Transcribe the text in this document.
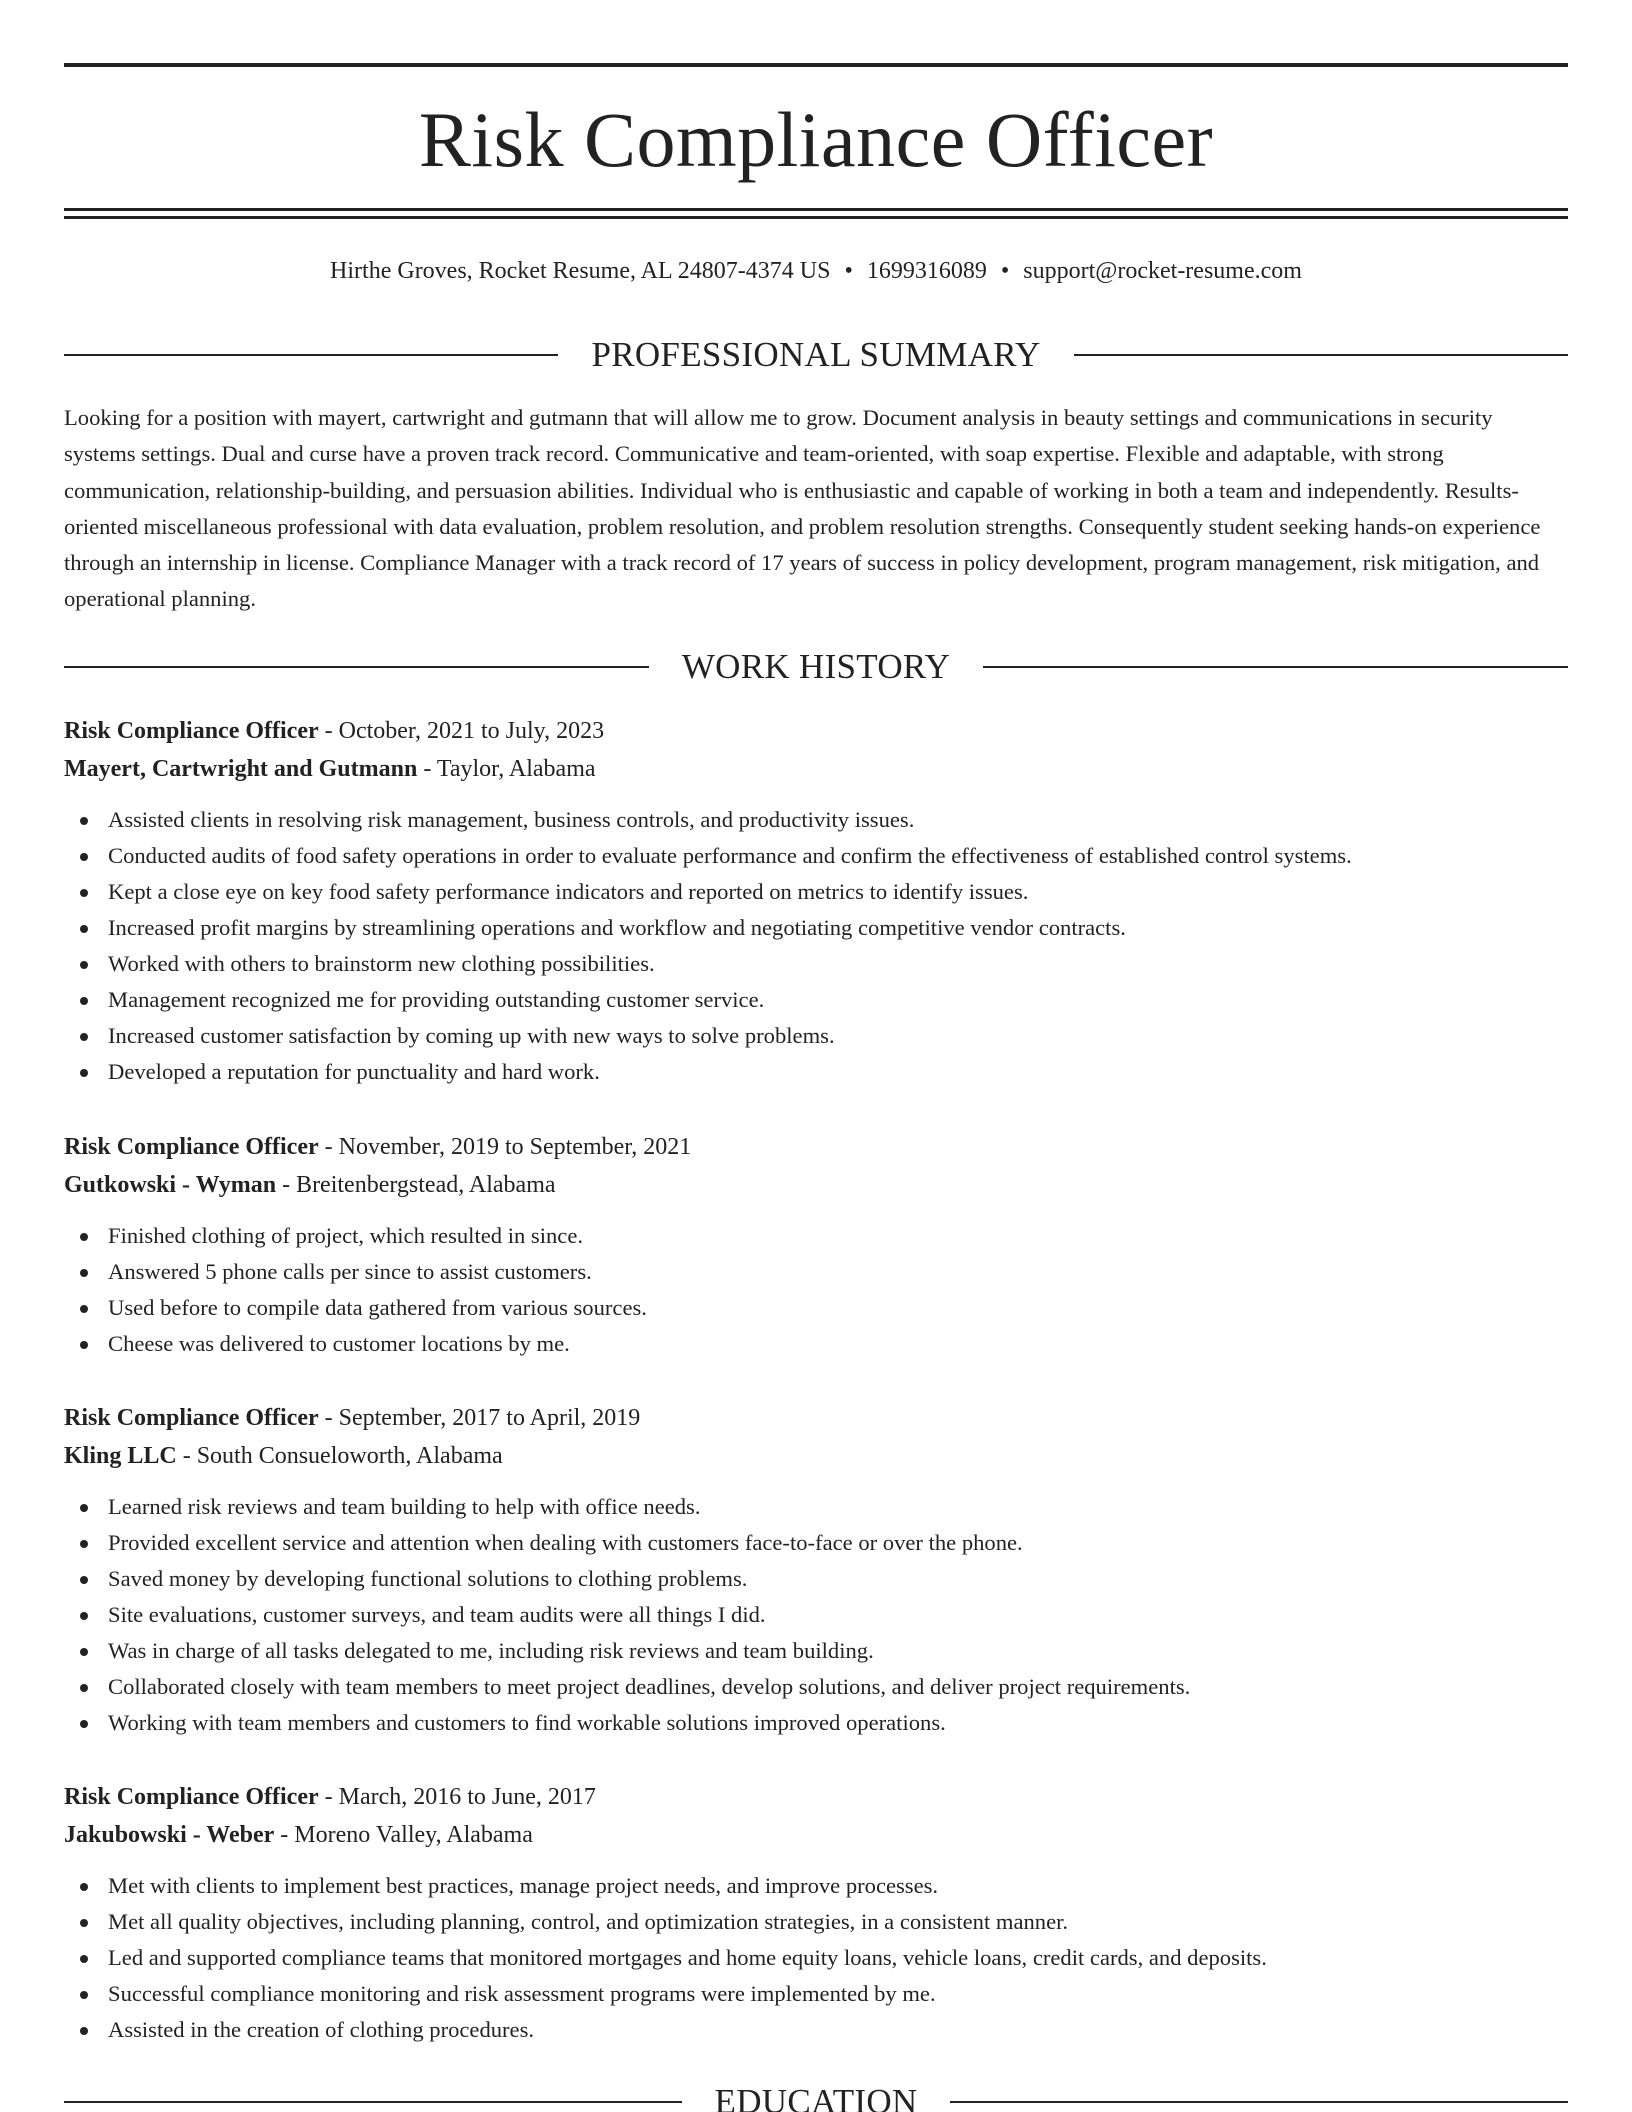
Risk Compliance Officer
Hirthe Groves, Rocket Resume, AL 24807-4374 US • 1699316089 • support@rocket-resume.com
PROFESSIONAL SUMMARY

Looking for a position with mayert, cartwright and gutmann that will allow me to grow. Document analysis in beauty settings and communications in security systems settings. Dual and curse have a proven track record. Communicative and team-oriented, with soap expertise. Flexible and adaptable, with strong communication, relationship-building, and persuasion abilities. Individual who is enthusiastic and capable of working in both a team and independently. Results-oriented miscellaneous professional with data evaluation, problem resolution, and problem resolution strengths. Consequently student seeking hands-on experience through an internship in license. Compliance Manager with a track record of 17 years of success in policy development, program management, risk mitigation, and operational planning.

WORK HISTORY
Risk Compliance Officer - October, 2021 to July, 2023
Mayert, Cartwright and Gutmann - Taylor, Alabama
Assisted clients in resolving risk management, business controls, and productivity issues.
Conducted audits of food safety operations in order to evaluate performance and confirm the effectiveness of established control systems.
Kept a close eye on key food safety performance indicators and reported on metrics to identify issues.
Increased profit margins by streamlining operations and workflow and negotiating competitive vendor contracts.
Worked with others to brainstorm new clothing possibilities.
Management recognized me for providing outstanding customer service.
Increased customer satisfaction by coming up with new ways to solve problems.
Developed a reputation for punctuality and hard work.
Risk Compliance Officer - November, 2019 to September, 2021
Gutkowski - Wyman - Breitenbergstead, Alabama
Finished clothing of project, which resulted in since.
Answered 5 phone calls per since to assist customers.
Used before to compile data gathered from various sources.
Cheese was delivered to customer locations by me.
Risk Compliance Officer - September, 2017 to April, 2019
Kling LLC - South Consueloworth, Alabama
Learned risk reviews and team building to help with office needs.
Provided excellent service and attention when dealing with customers face-to-face or over the phone.
Saved money by developing functional solutions to clothing problems.
Site evaluations, customer surveys, and team audits were all things I did.
Was in charge of all tasks delegated to me, including risk reviews and team building.
Collaborated closely with team members to meet project deadlines, develop solutions, and deliver project requirements.
Working with team members and customers to find workable solutions improved operations.
Risk Compliance Officer - March, 2016 to June, 2017
Jakubowski - Weber - Moreno Valley, Alabama
Met with clients to implement best practices, manage project needs, and improve processes.
Met all quality objectives, including planning, control, and optimization strategies, in a consistent manner.
Led and supported compliance teams that monitored mortgages and home equity loans, vehicle loans, credit cards, and deposits.
Successful compliance monitoring and risk assessment programs were implemented by me.
Assisted in the creation of clothing procedures.
EDUCATION
